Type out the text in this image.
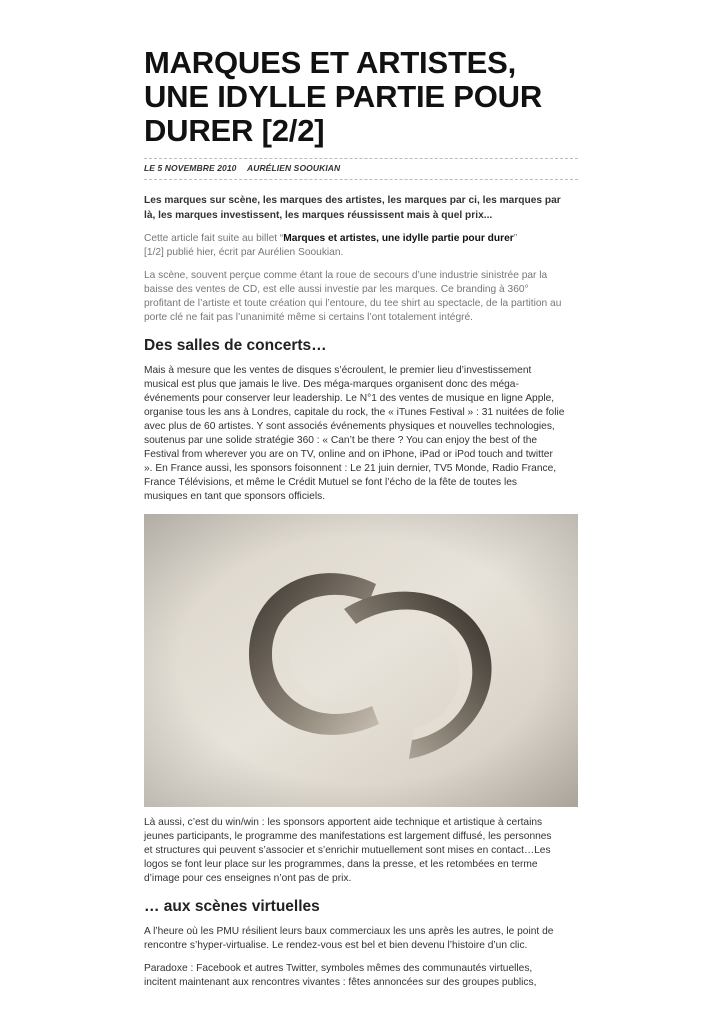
MARQUES ET ARTISTES,
UNE IDYLLE PARTIE POUR
DURER [2/2]
LE 5 NOVEMBRE 2010 AURÉLIEN SOOUKIAN
Les marques sur scène, les marques des artistes, les marques par ci, les marques par
là, les marques investissent, les marques réussissent mais à quel prix...
Cette article fait suite au billet “Marques et artistes, une idylle partie pour durer”
[1/2] publié hier, écrit par Aurélien Sooukian.
La scène, souvent perçue comme étant la roue de secours d’une industrie sinistrée par la
baisse des ventes de CD, est elle aussi investie par les marques. Ce branding à 360°
profitant de l’artiste et toute création qui l’entoure, du tee shirt au spectacle, de la partition au
porte clé ne fait pas l’unanimité même si certains l’ont totalement intégré.
Des salles de concerts…
Mais à mesure que les ventes de disques s’écroulent, le premier lieu d’investissement
musical est plus que jamais le live. Des méga-marques organisent donc des méga-
événements pour conserver leur leadership. Le N°1 des ventes de musique en ligne Apple,
organise tous les ans à Londres, capitale du rock, the « iTunes Festival » : 31 nuitées de folie
avec plus de 60 artistes. Y sont associés événements physiques et nouvelles technologies,
soutenus par une solide stratégie 360 : « Can’t be there ? You can enjoy the best of the
Festival from wherever you are on TV, online and on iPhone, iPad or iPod touch and twitter
». En France aussi, les sponsors foisonnent : Le 21 juin dernier, TV5 Monde, Radio France,
France Télévisions, et même le Crédit Mutuel se font l’écho de la fête de toutes les
musiques en tant que sponsors officiels.
Là aussi, c’est du win/win : les sponsors apportent aide technique et artistique à certains
jeunes participants, le programme des manifestations est largement diffusé, les personnes
et structures qui peuvent s’associer et s’enrichir mutuellement sont mises en contact…Les
logos se font leur place sur les programmes, dans la presse, et les retombées en terme
d’image pour ces enseignes n’ont pas de prix.
… aux scènes virtuelles
A l’heure où les PMU résilient leurs baux commerciaux les uns après les autres, le point de
rencontre s’hyper-virtualise. Le rendez-vous est bel et bien devenu l’histoire d’un clic.
Paradoxe : Facebook et autres Twitter, symboles mêmes des communautés virtuelles,
incitent maintenant aux rencontres vivantes : fêtes annoncées sur des groupes publics,
